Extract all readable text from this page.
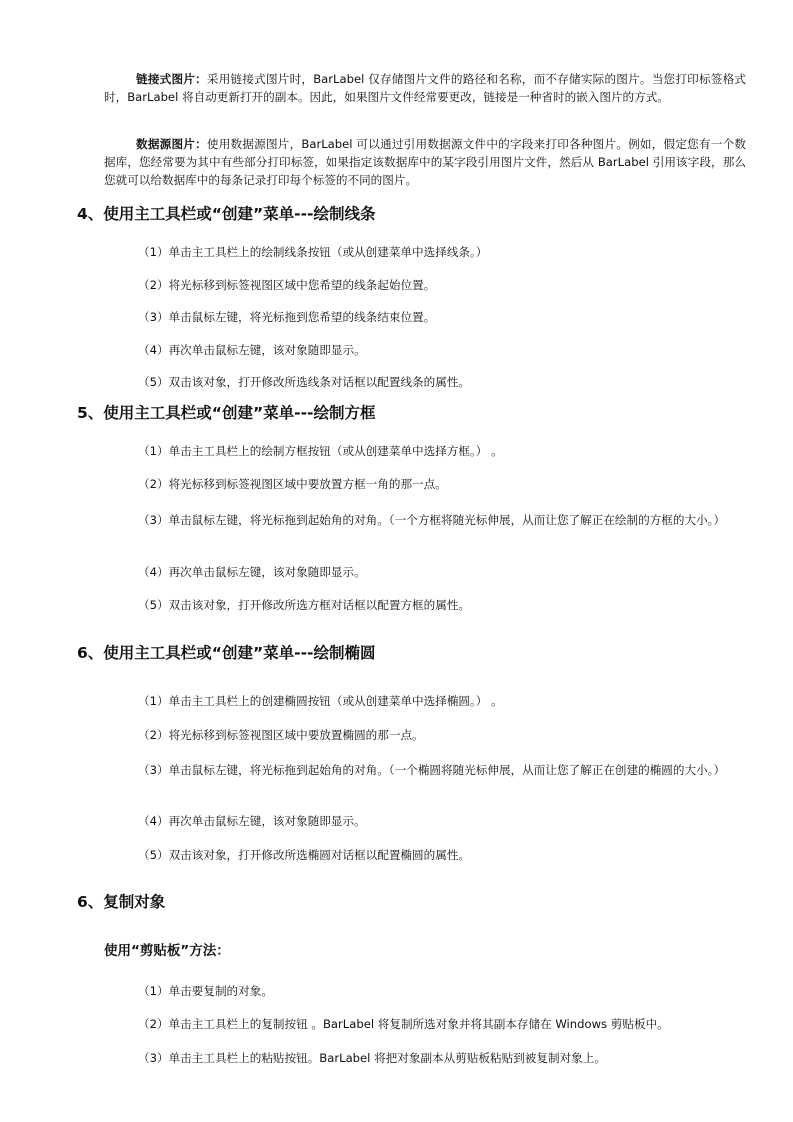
链接式图片：采用链接式图片时，BarLabel 仅存储图片文件的路径和名称，而不存储实际的图片。当您打印标签格式时，BarLabel 将自动更新打开的副本。因此，如果图片文件经常要更改，链接是一种省时的嵌入图片的方式。

数据源图片：使用数据源图片，BarLabel 可以通过引用数据源文件中的字段来打印各种图片。例如，假定您有一个数据库，您经常要为其中有些部分打印标签，如果指定该数据库中的某字段引用图片文件，然后从 BarLabel 引用该字段，那么您就可以给数据库中的每条记录打印每个标签的不同的图片。

4、使用主工具栏或“创建”菜单---绘制线条

（1）单击主工具栏上的绘制线条按钮（或从创建菜单中选择线条。）

（2）将光标移到标签视图区域中您希望的线条起始位置。

（3）单击鼠标左键，将光标拖到您希望的线条结束位置。

（4）再次单击鼠标左键，该对象随即显示。

（5）双击该对象，打开修改所选线条对话框以配置线条的属性。

5、使用主工具栏或“创建”菜单---绘制方框

（1）单击主工具栏上的绘制方框按钮（或从创建菜单中选择方框。） 。

（2）将光标移到标签视图区域中要放置方框一角的那一点。

（3）单击鼠标左键，将光标拖到起始角的对角。（一个方框将随光标伸展，从而让您了解正在绘制的方框的大小。）

（4）再次单击鼠标左键，该对象随即显示。

（5）双击该对象，打开修改所选方框对话框以配置方框的属性。

6、使用主工具栏或“创建”菜单---绘制椭圆

（1）单击主工具栏上的创建椭圆按钮（或从创建菜单中选择椭圆。） 。

（2）将光标移到标签视图区域中要放置椭圆的那一点。

（3）单击鼠标左键，将光标拖到起始角的对角。（一个椭圆将随光标伸展，从而让您了解正在创建的椭圆的大小。）

（4）再次单击鼠标左键，该对象随即显示。

（5）双击该对象，打开修改所选椭圆对话框以配置椭圆的属性。

6、复制对象
使用“剪贴板”方法：

（1）单击要复制的对象。

（2）单击主工具栏上的复制按钮 。BarLabel 将复制所选对象并将其副本存储在 Windows 剪贴板中。

（3）单击主工具栏上的粘贴按钮。BarLabel 将把对象副本从剪贴板粘贴到被复制对象上。
